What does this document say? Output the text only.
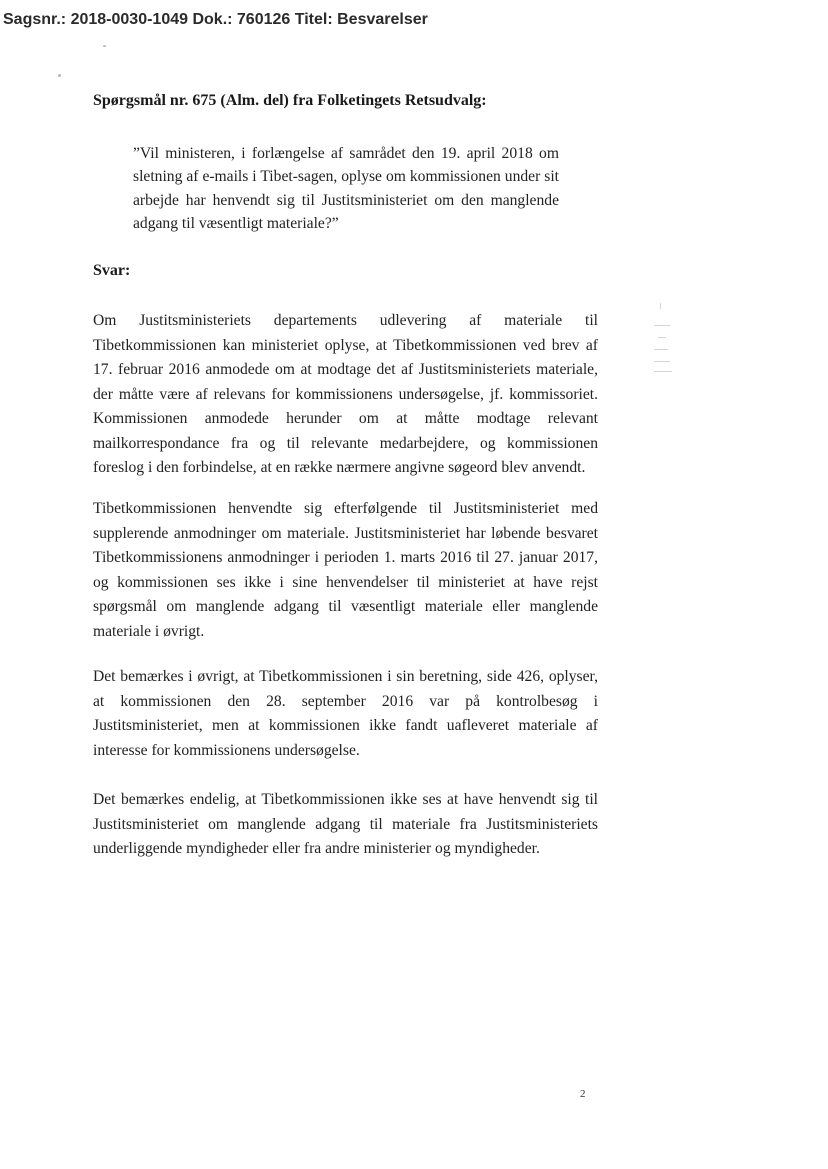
Sagsnr.: 2018-0030-1049 Dok.: 760126 Titel: Besvarelser
Spørgsmål nr. 675 (Alm. del) fra Folketingets Retsudvalg:

”Vil ministeren, i forlængelse af samrådet den 19. april 2018 om sletning af e-mails i Tibet-sagen, oplyse om kommissionen under sit arbejde har henvendt sig til Justitsministeriet om den manglende adgang til væsentligt materiale?”

Svar:

Om Justitsministeriets departements udlevering af materiale til Tibetkommissionen kan ministeriet oplyse, at Tibetkommissionen ved brev af 17. februar 2016 anmodede om at modtage det af Justitsministeriets materiale, der måtte være af relevans for kommissionens undersøgelse, jf. kommissoriet. Kommissionen anmodede herunder om at måtte modtage relevant mailkorrespondance fra og til relevante medarbejdere, og kommissionen foreslog i den forbindelse, at en række nærmere angivne søgeord blev anvendt.

Tibetkommissionen henvendte sig efterfølgende til Justitsministeriet med supplerende anmodninger om materiale. Justitsministeriet har løbende besvaret Tibetkommissionens anmodninger i perioden 1. marts 2016 til 27. januar 2017, og kommissionen ses ikke i sine henvendelser til ministeriet at have rejst spørgsmål om manglende adgang til væsentligt materiale eller manglende materiale i øvrigt.

Det bemærkes i øvrigt, at Tibetkommissionen i sin beretning, side 426, oplyser, at kommissionen den 28. september 2016 var på kontrolbesøg i Justitsministeriet, men at kommissionen ikke fandt uafleveret materiale af interesse for kommissionens undersøgelse.

Det bemærkes endelig, at Tibetkommissionen ikke ses at have henvendt sig til Justitsministeriet om manglende adgang til materiale fra Justitsministeriets underliggende myndigheder eller fra andre ministerier og myndigheder.

2
